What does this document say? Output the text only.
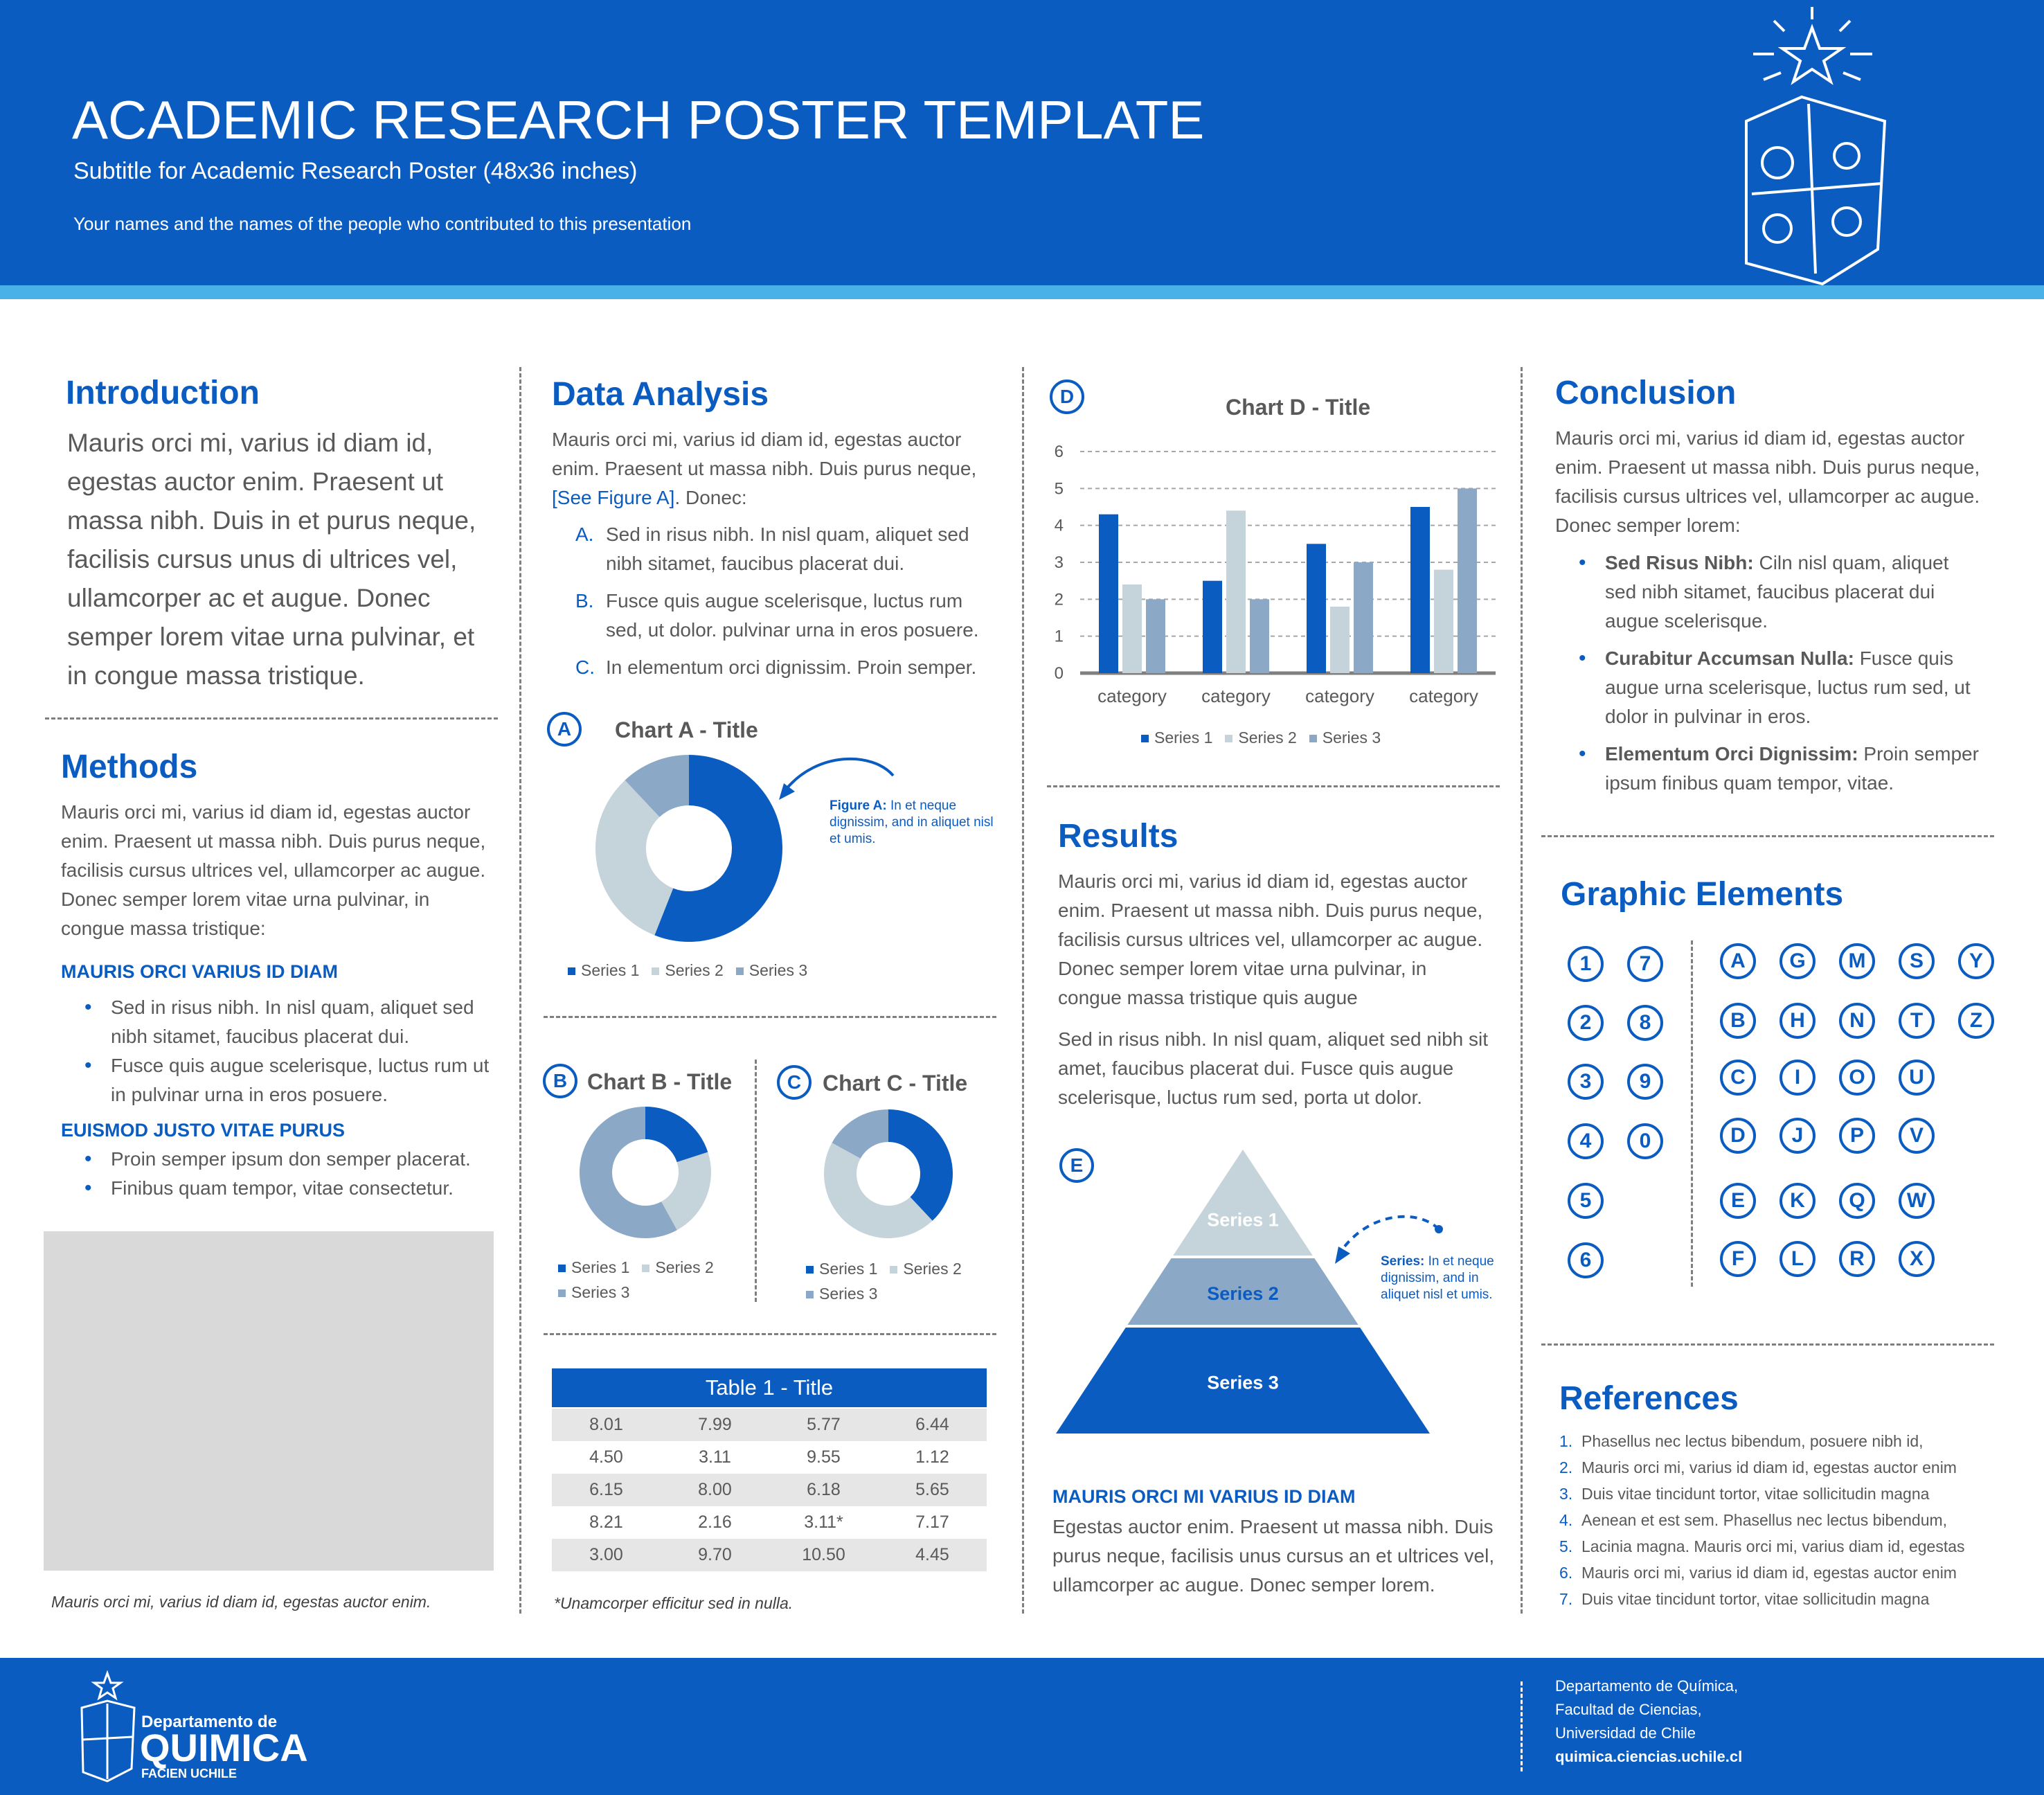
ACADEMIC RESEARCH POSTER TEMPLATE
Subtitle for Academic Research Poster (48x36 inches)
Your names and the names of the people who contributed to this presentation
Introduction
Mauris orci mi, varius id diam id, egestas auctor enim. Praesent ut massa nibh. Duis in et purus neque, facilisis cursus unus di ultrices vel, ullamcorper ac et augue. Donec semper lorem vitae urna pulvinar, et in congue massa tristique.
Methods
Mauris orci mi, varius id diam id, egestas auctor enim. Praesent ut massa nibh. Duis purus neque, facilisis cursus ultrices vel, ullamcorper ac augue. Donec semper lorem vitae urna pulvinar, in congue massa tristique:
MAURIS ORCI VARIUS ID DIAM
• Sed in risus nibh. In nisl quam, aliquet sed nibh sitamet, faucibus placerat dui.
• Fusce quis augue scelerisque, luctus rum ut in pulvinar urna in eros posuere.
EUISMOD JUSTO VITAE PURUS
• Proin semper ipsum don semper placerat.
• Finibus quam tempor, vitae consectetur.
Mauris orci mi, varius id diam id, egestas auctor enim.
Data Analysis
Mauris orci mi, varius id diam id, egestas auctor enim. Praesent ut massa nibh. Duis purus neque, [See Figure A]. Donec:
A. Sed in risus nibh. In nisl quam, aliquet sed nibh sitamet, faucibus placerat dui.
B. Fusce quis augue scelerisque, luctus rum sed, ut dolor. pulvinar urna in eros posuere.
C. In elementum orci dignissim. Proin semper.
A	Chart A - Title
Figure A: In et neque dignissim, and in aliquet nisl et umis.
Series 1 Series 2 Series 3
B Chart B - Title
Series 1 Series 2
Series 3
C Chart C - Title
Series 1 Series 2
Series 3
Table 1 - Title
8.01	7.99	5.77	6.44
4.50	3.11	9.55	1.12
6.15	8.00	6.18	5.65
8.21	2.16	3.11*	7.17
3.00	9.70	10.50	4.45
*Unamcorper efficitur sed in nulla.
D	Chart D - Title
0
1
2
3
4
5
6
category category category category
Series 1 Series 2 Series 3
Results
Mauris orci mi, varius id diam id, egestas auctor enim. Praesent ut massa nibh. Duis purus neque, facilisis cursus ultrices vel, ullamcorper ac augue. Donec semper lorem vitae urna pulvinar, in congue massa tristique quis augue
Sed in risus nibh. In nisl quam, aliquet sed nibh sit amet, faucibus placerat dui. Fusce quis augue scelerisque, luctus rum sed, porta ut dolor.
E
Series 1
Series 2
Series 3
Series: In et neque dignissim, and in aliquet nisl et umis.
MAURIS ORCI MI VARIUS ID DIAM
Egestas auctor enim. Praesent ut massa nibh. Duis purus neque, facilisis unus cursus an et ultrices vel, ullamcorper ac augue. Donec semper lorem.
Conclusion
Mauris orci mi, varius id diam id, egestas auctor enim. Praesent ut massa nibh. Duis purus neque, facilisis cursus ultrices vel, ullamcorper ac augue. Donec semper lorem:
• Sed Risus Nibh: Ciln nisl quam, aliquet sed nibh sitamet, faucibus placerat dui augue scelerisque.
• Curabitur Accumsan Nulla: Fusce quis augue urna scelerisque, luctus rum sed, ut dolor in pulvinar in eros.
• Elementum Orci Dignissim: Proin semper ipsum finibus quam tempor, vitae.
Graphic Elements
1	7
2	8
3	9
4	0
5
6
A	G	M	S	Y
B	H	N	T	Z
C	I	O	U
D	J	P	V
E	K	Q	W
F	L	R	X
References
1. Phasellus nec lectus bibendum, posuere nibh id,
2. Mauris orci mi, varius id diam id, egestas auctor enim
3. Duis vitae tincidunt tortor, vitae sollicitudin magna
4. Aenean et est sem. Phasellus nec lectus bibendum,
5. Lacinia magna. Mauris orci mi, varius diam id, egestas
6. Mauris orci mi, varius id diam id, egestas auctor enim
7. Duis vitae tincidunt tortor, vitae sollicitudin magna
Departamento de
QUIMICA
FACIEN UCHILE
Departamento de Química,
Facultad de Ciencias,
Universidad de Chile
quimica.ciencias.uchile.cl
